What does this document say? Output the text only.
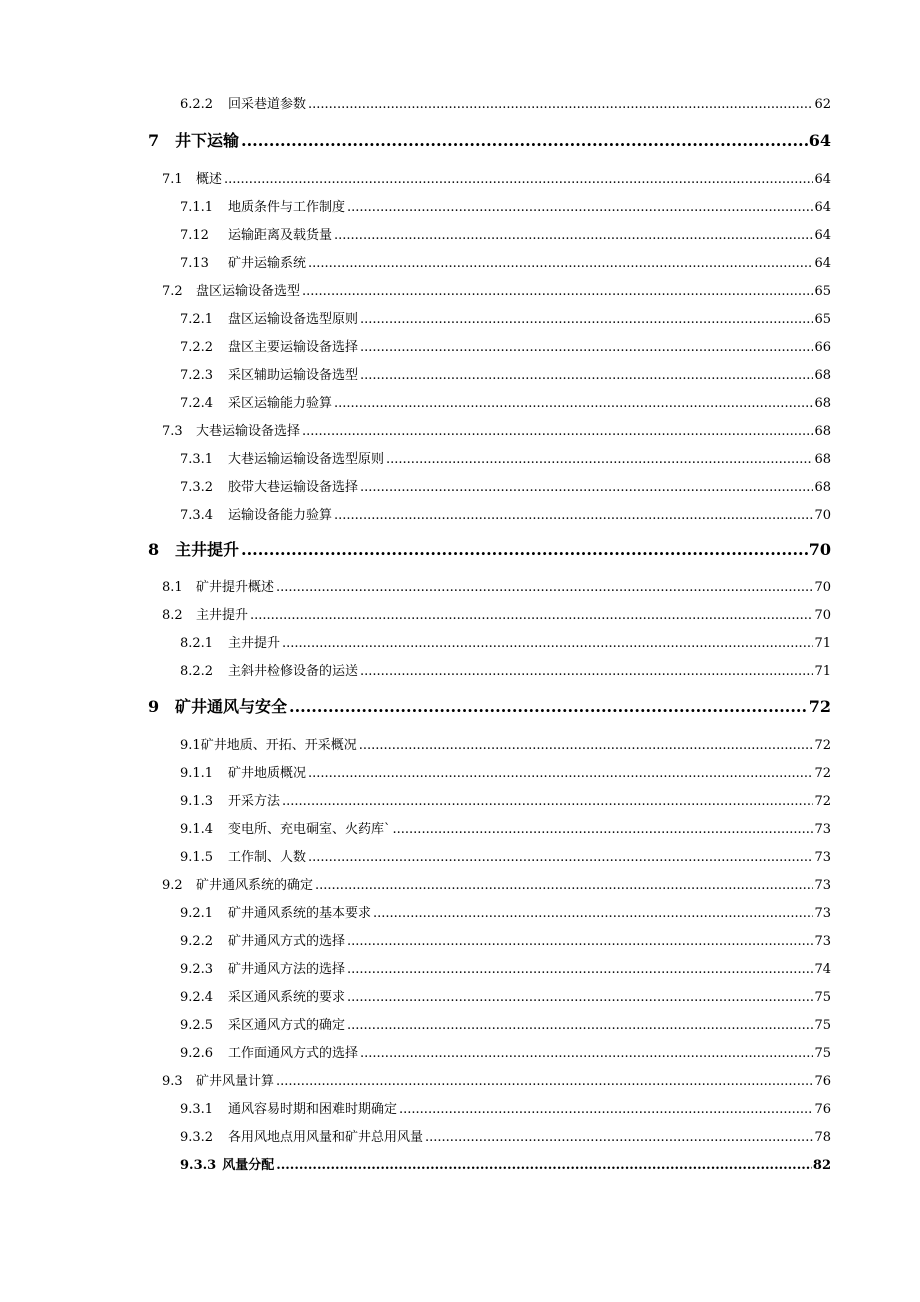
6.2.2	回采巷道参数 .....	62
7 井下运输 .....	64
7.1	概述 .....	64
7.1.1	地质条件与工作制度 .....	64
7.12	运输距离及载货量 .....	64
7.13	矿井运输系统 .....	64
7.2	盘区运输设备选型 .....	65
7.2.1	盘区运输设备选型原则 .....	65
7.2.2	盘区主要运输设备选择 .....	66
7.2.3	采区辅助运输设备选型 .....	68
7.2.4	采区运输能力验算 .....	68
7.3	大巷运输设备选择 .....	68
7.3.1	大巷运输运输设备选型原则 .....	68
7.3.2	胶带大巷运输设备选择 .....	68
7.3.4	运输设备能力验算 .....	70
8 主井提升 .....	70
8.1	矿井提升概述 .....	70
8.2	主井提升 .....	70
8.2.1	主井提升 .....	71
8.2.2	主斜井检修设备的运送 .....	71
9 矿井通风与安全 .....	72
9.1 矿井地质、开拓、开采概况 .....	72
9.1.1	矿井地质概况 .....	72
9.1.3	开采方法 .....	72
9.1.4	变电所、充电硐室、火药库` .....	73
9.1.5	工作制、人数 .....	73
9.2	矿井通风系统的确定 .....	73
9.2.1	矿井通风系统的基本要求 .....	73
9.2.2	矿井通风方式的选择 .....	73
9.2.3	矿井通风方法的选择 .....	74
9.2.4	采区通风系统的要求 .....	75
9.2.5	采区通风方式的确定 .....	75
9.2.6	工作面通风方式的选择 .....	75
9.3	矿井风量计算 .....	76
9.3.1	通风容易时期和困难时期确定 .....	76
9.3.2	各用风地点用风量和矿井总用风量 .....	78
9.3.3 风量分配 .....	82
